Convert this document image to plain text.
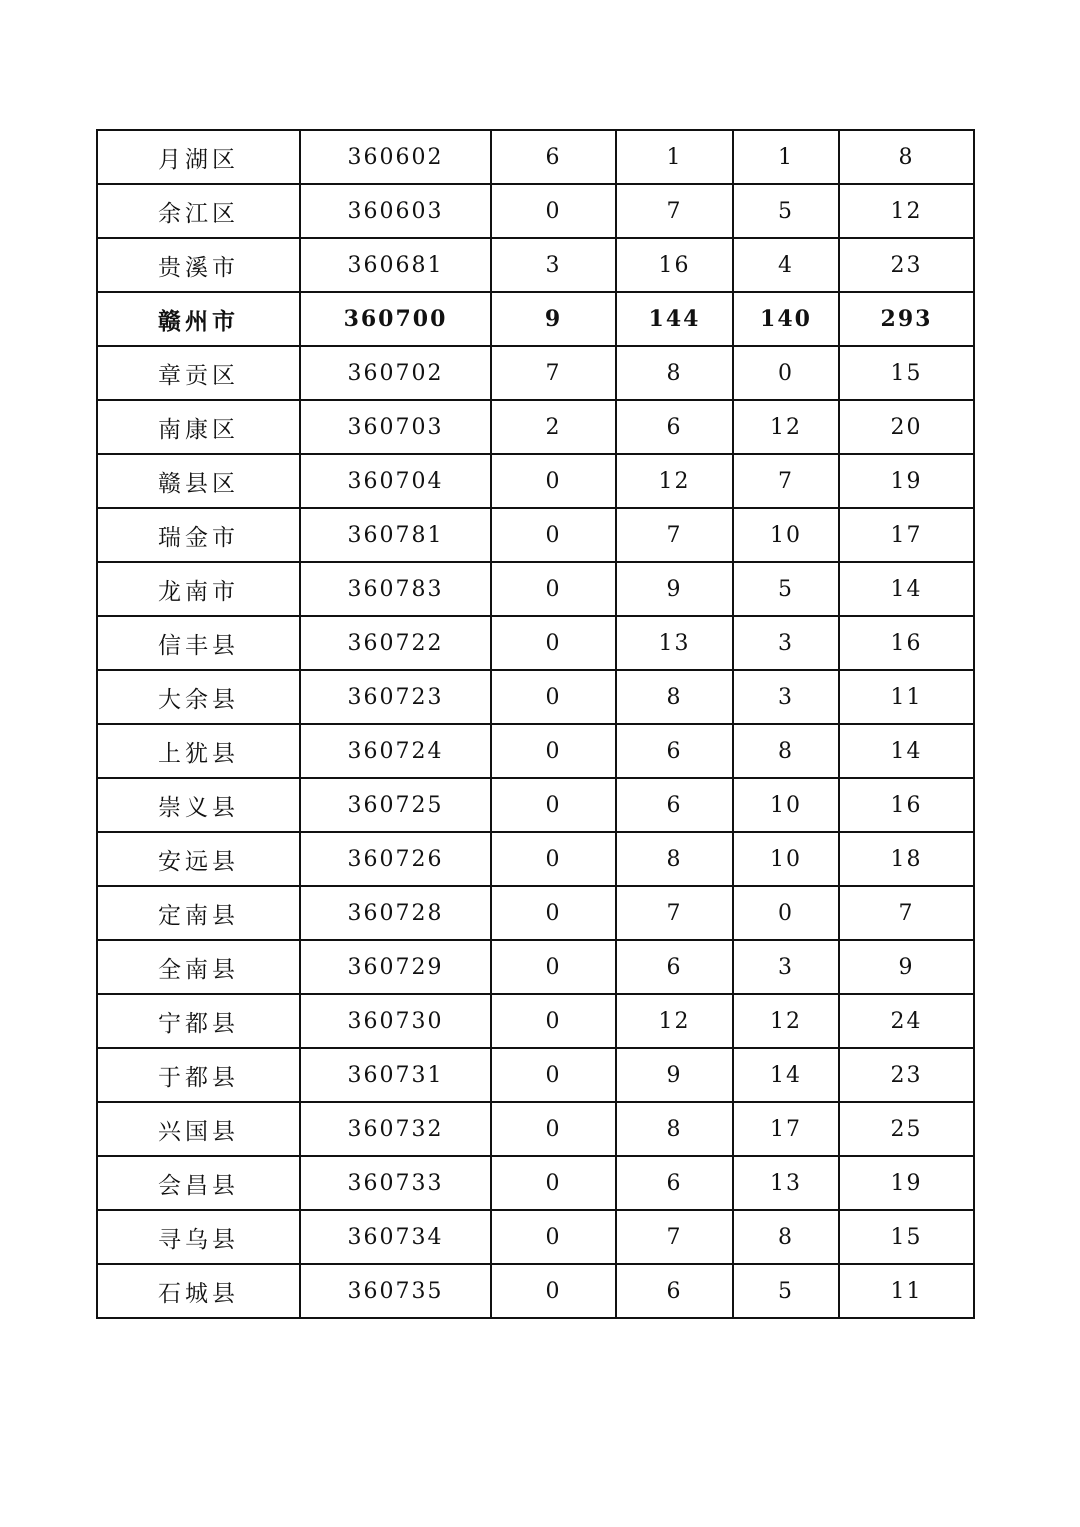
月湖区	360602	6	1	1	8
余江区	360603	0	7	5	12
贵溪市	360681	3	16	4	23
赣州市	360700	9	144	140	293
章贡区	360702	7	8	0	15
南康区	360703	2	6	12	20
赣县区	360704	0	12	7	19
瑞金市	360781	0	7	10	17
龙南市	360783	0	9	5	14
信丰县	360722	0	13	3	16
大余县	360723	0	8	3	11
上犹县	360724	0	6	8	14
崇义县	360725	0	6	10	16
安远县	360726	0	8	10	18
定南县	360728	0	7	0	7
全南县	360729	0	6	3	9
宁都县	360730	0	12	12	24
于都县	360731	0	9	14	23
兴国县	360732	0	8	17	25
会昌县	360733	0	6	13	19
寻乌县	360734	0	7	8	15
石城县	360735	0	6	5	11
